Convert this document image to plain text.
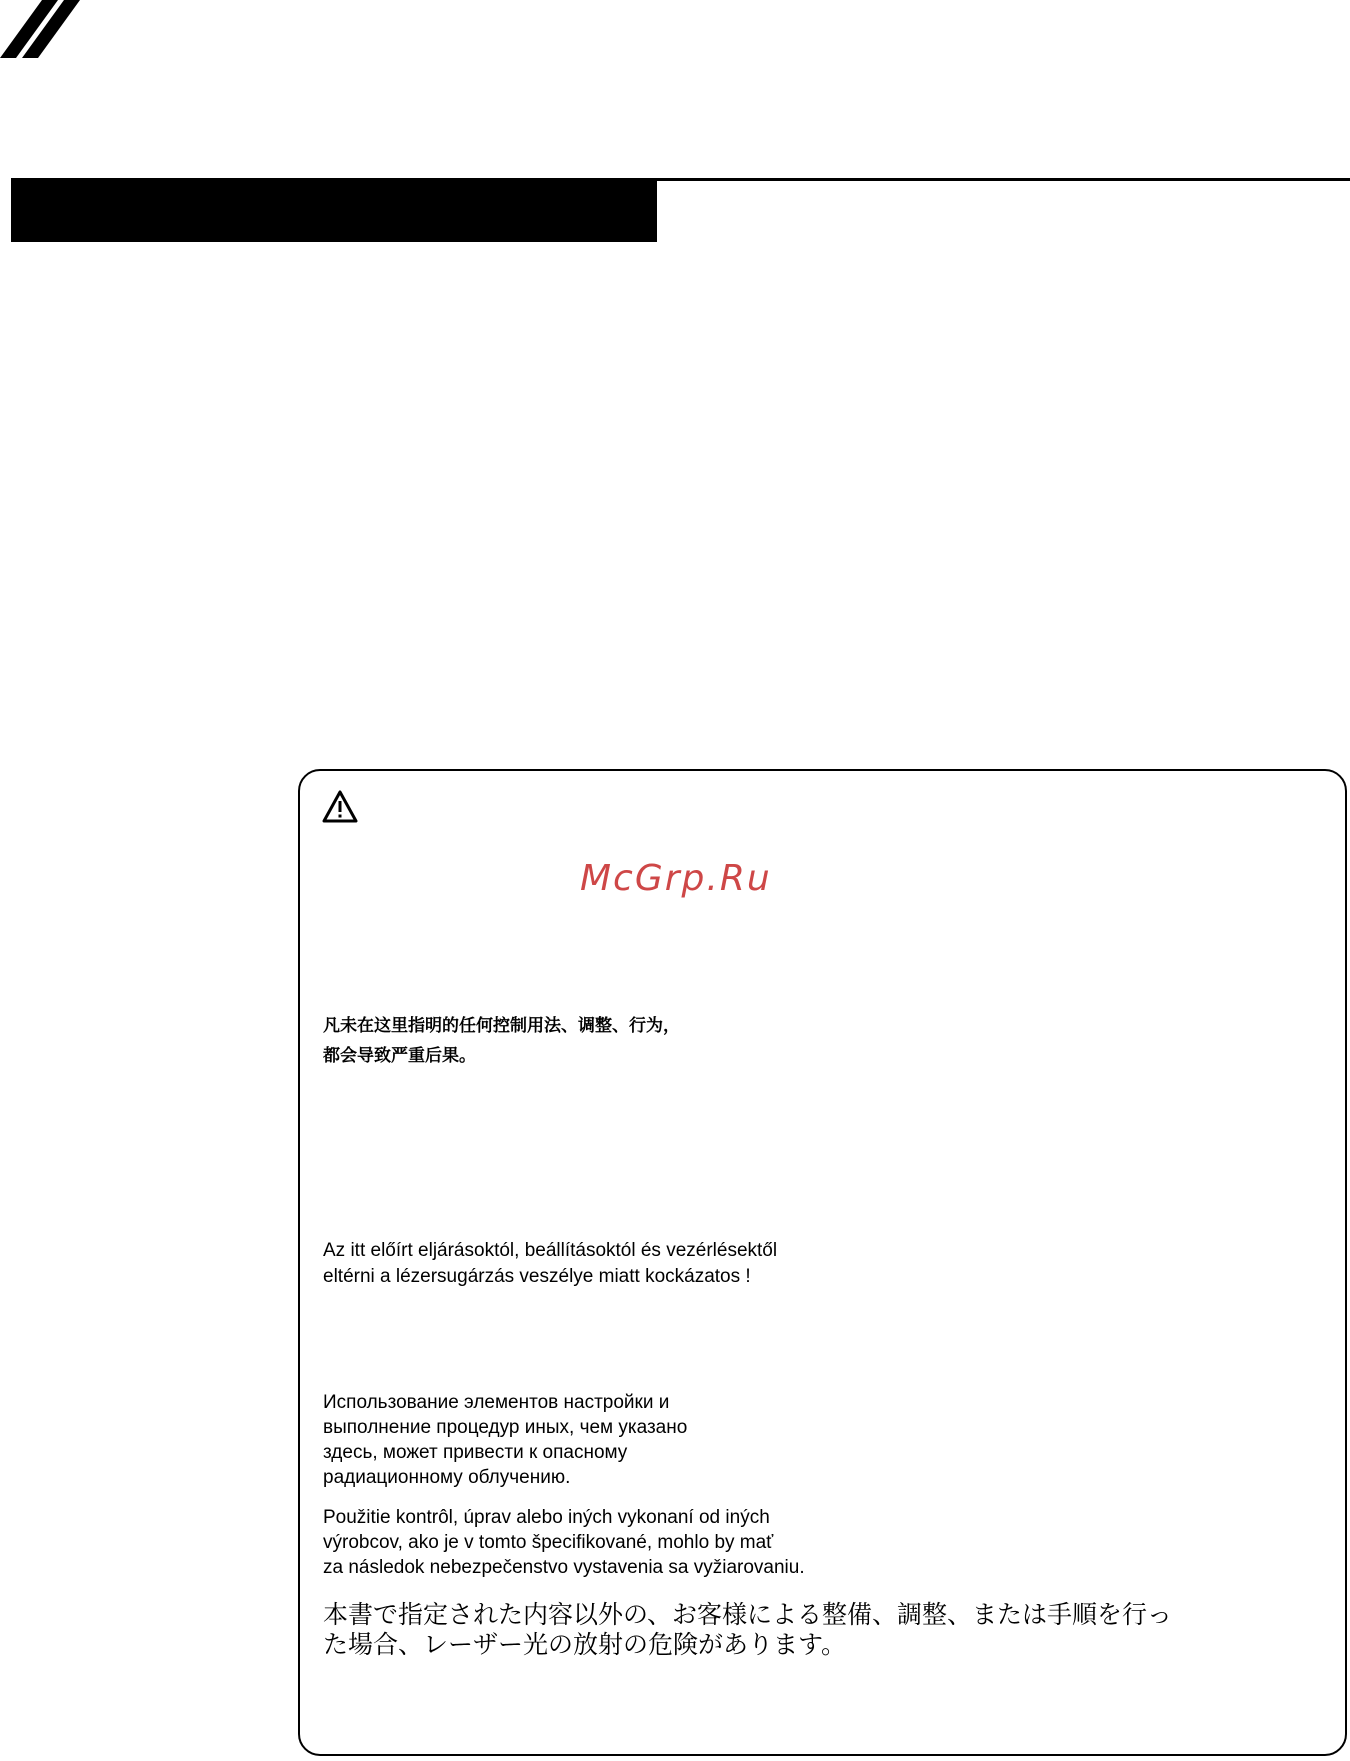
McGrp.Ru

凡未在这里指明的任何控制用法、调整、行为，
都会导致严重后果。

Az itt előírt eljárásoktól, beállításoktól és vezérlésektől
eltérni a lézersugárzás veszélye miatt kockázatos !

Использование элементов настройки и
выполнение процедур иных, чем указано
здесь, может привести к опасному
радиационному облучению.

Použitie kontrôl, úprav alebo iných vykonaní od iných
výrobcov, ako je v tomto špecifikované, mohlo by mať
za následok nebezpečenstvo vystavenia sa vyžiarovaniu.

本書で指定された内容以外の、お客様による整備、調整、または手順を行っ
た場合、レーザー光の放射の危険があります。
